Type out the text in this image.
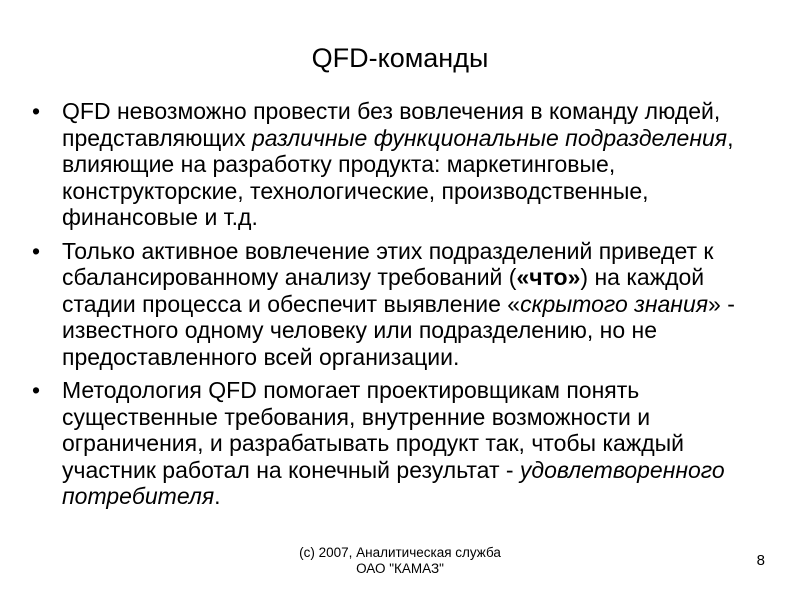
QFD-команды
• QFD невозможно провести без вовлечения в команду людей, представляющих различные функциональные подразделения, влияющие на разработку продукта: маркетинговые, конструкторские, технологические, производственные, финансовые и т.д.
• Только активное вовлечение этих подразделений приведет к сбалансированному анализу требований («что») на каждой стадии процесса и обеспечит выявление «скрытого знания» - известного одному человеку или подразделению, но не предоставленного всей организации.
• Методология QFD помогает проектировщикам понять существенные требования, внутренние возможности и ограничения, и разрабатывать продукт так, чтобы каждый участник работал на конечный результат - удовлетворенного потребителя.
(с) 2007, Аналитическая служба
ОАО "КАМАЗ"	8
